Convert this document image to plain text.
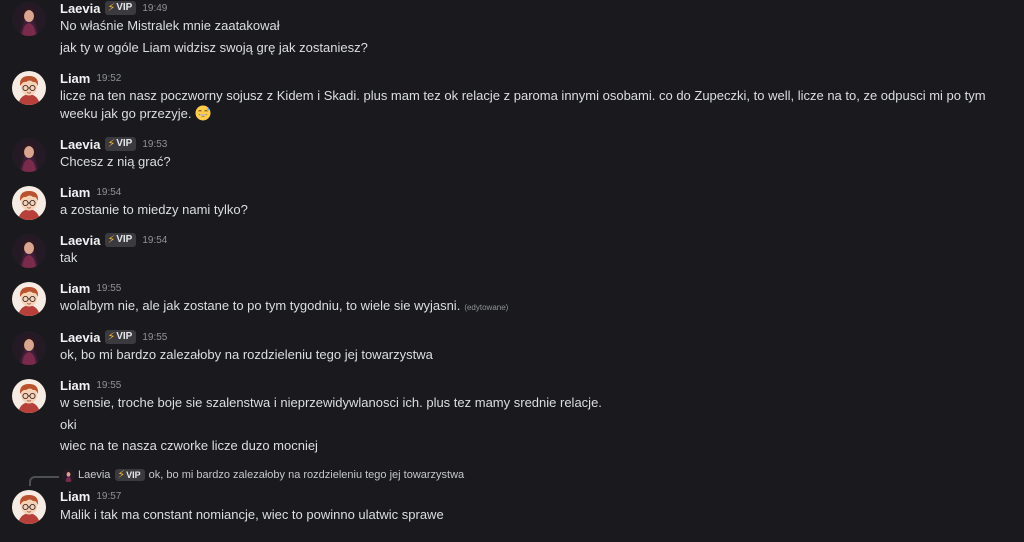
Laevia ⚡ VIP 19:49
No właśnie Mistralek mnie zaatakował
jak ty w ogóle Liam widzisz swoją grę jak zostaniesz?
Liam 19:52
licze na ten nasz poczworny sojusz z Kidem i Skadi. plus mam tez ok relacje z paroma innymi osobami. co do Zupeczki, to well, licze na to, ze odpusci mi po tym weeku jak go przezyje.
Laevia ⚡ VIP 19:53
Chcesz z nią grać?
Liam 19:54
a zostanie to miedzy nami tylko?
Laevia ⚡ VIP 19:54
tak
Liam 19:55
wolalbym nie, ale jak zostane to po tym tygodniu, to wiele sie wyjasni. (edytowane)
Laevia ⚡ VIP 19:55
ok, bo mi bardzo zalezałoby na rozdzieleniu tego jej towarzystwa
Liam 19:55
w sensie, troche boje sie szalenstwa i nieprzewidywlanosci ich. plus tez mamy srednie relacje.
oki
wiec na te nasza czworke licze duzo mocniej
Laevia ⚡ VIP ok, bo mi bardzo zalezałoby na rozdzieleniu tego jej towarzystwa
Liam 19:57
Malik i tak ma constant nomiancje, wiec to powinno ulatwic sprawe
